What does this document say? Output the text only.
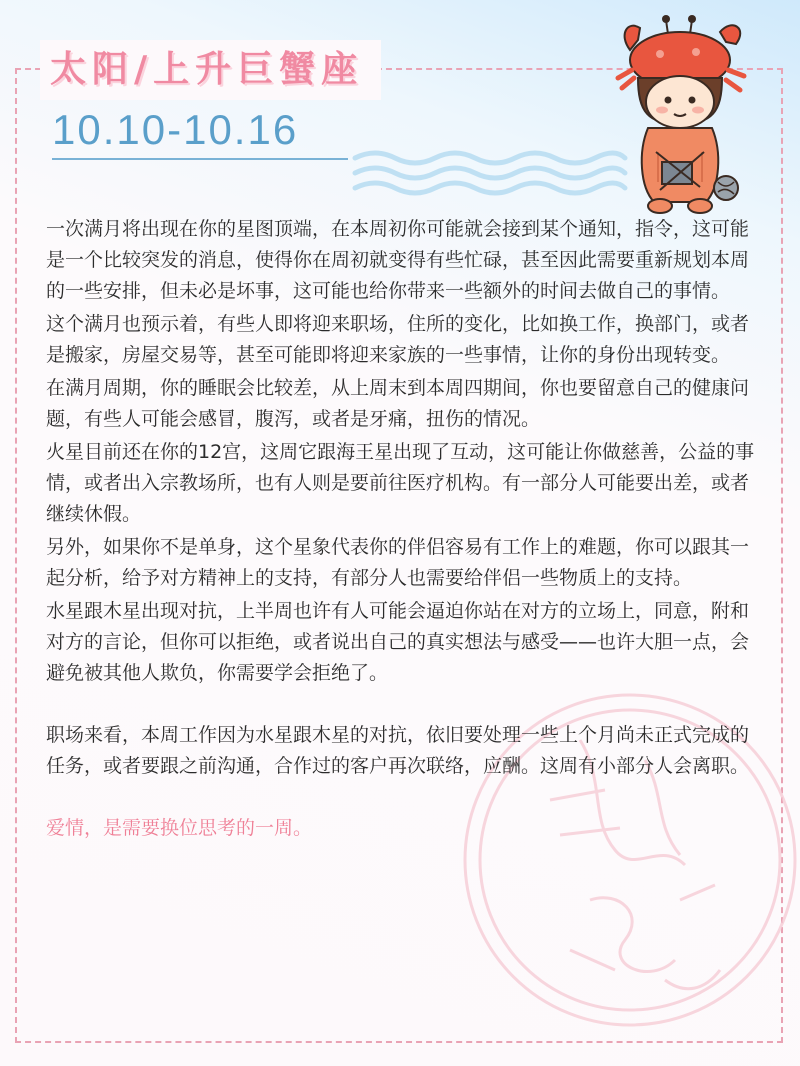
太阳/上升巨蟹座
10.10-10.16

一次满月将出现在你的星图顶端，在本周初你可能就会接到某个通知，指令，这可能是一个比较突发的消息，使得你在周初就变得有些忙碌，甚至因此需要重新规划本周的一些安排，但未必是坏事，这可能也给你带来一些额外的时间去做自己的事情。

这个满月也预示着，有些人即将迎来职场，住所的变化，比如换工作，换部门，或者是搬家，房屋交易等，甚至可能即将迎来家族的一些事情，让你的身份出现转变。

在满月周期，你的睡眠会比较差，从上周末到本周四期间，你也要留意自己的健康问题，有些人可能会感冒，腹泻，或者是牙痛，扭伤的情况。

火星目前还在你的12宫，这周它跟海王星出现了互动，这可能让你做慈善，公益的事情，或者出入宗教场所，也有人则是要前往医疗机构。有一部分人可能要出差，或者继续休假。

另外，如果你不是单身，这个星象代表你的伴侣容易有工作上的难题，你可以跟其一起分析，给予对方精神上的支持，有部分人也需要给伴侣一些物质上的支持。

水星跟木星出现对抗，上半周也许有人可能会逼迫你站在对方的立场上，同意，附和对方的言论，但你可以拒绝，或者说出自己的真实想法与感受——也许大胆一点，会避免被其他人欺负，你需要学会拒绝了。

职场来看，本周工作因为水星跟木星的对抗，依旧要处理一些上个月尚未正式完成的任务，或者要跟之前沟通，合作过的客户再次联络，应酬。这周有小部分人会离职。

爱情，是需要换位思考的一周。
